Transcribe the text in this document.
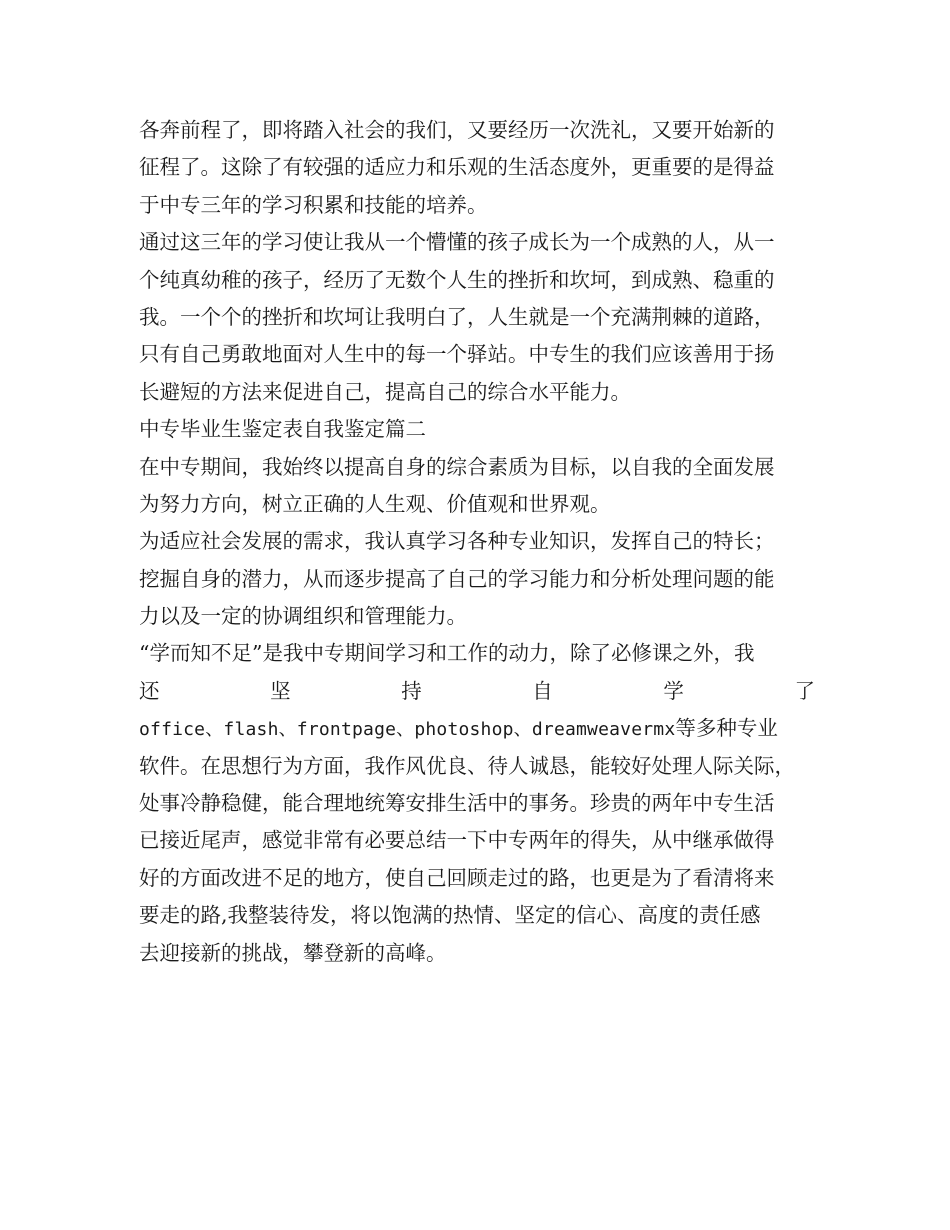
各奔前程了，即将踏入社会的我们，又要经历一次洗礼，又要开始新的
征程了。这除了有较强的适应力和乐观的生活态度外，更重要的是得益
于中专三年的学习积累和技能的培养。
通过这三年的学习使让我从一个懵懂的孩子成长为一个成熟的人，从一
个纯真幼稚的孩子，经历了无数个人生的挫折和坎坷，到成熟、稳重的
我。一个个的挫折和坎坷让我明白了，人生就是一个充满荆棘的道路，
只有自己勇敢地面对人生中的每一个驿站。中专生的我们应该善用于扬
长避短的方法来促进自己，提高自己的综合水平能力。
中专毕业生鉴定表自我鉴定篇二
在中专期间，我始终以提高自身的综合素质为目标，以自我的全面发展
为努力方向，树立正确的人生观、价值观和世界观。
为适应社会发展的需求，我认真学习各种专业知识，发挥自己的特长；
挖掘自身的潜力，从而逐步提高了自己的学习能力和分析处理问题的能
力以及一定的协调组织和管理能力。
“学而知不足”是我中专期间学习和工作的动力，除了必修课之外，我
还	坚	持	自	学	了
office、flash、frontpage、photoshop、dreamweavermx等多种专业
软件。在思想行为方面，我作风优良、待人诚恳，能较好处理人际关际，
处事冷静稳健，能合理地统筹安排生活中的事务。珍贵的两年中专生活
已接近尾声，感觉非常有必要总结一下中专两年的得失，从中继承做得
好的方面改进不足的地方，使自己回顾走过的路，也更是为了看清将来
要走的路,我整装待发，将以饱满的热情、坚定的信心、高度的责任感
去迎接新的挑战，攀登新的高峰。
